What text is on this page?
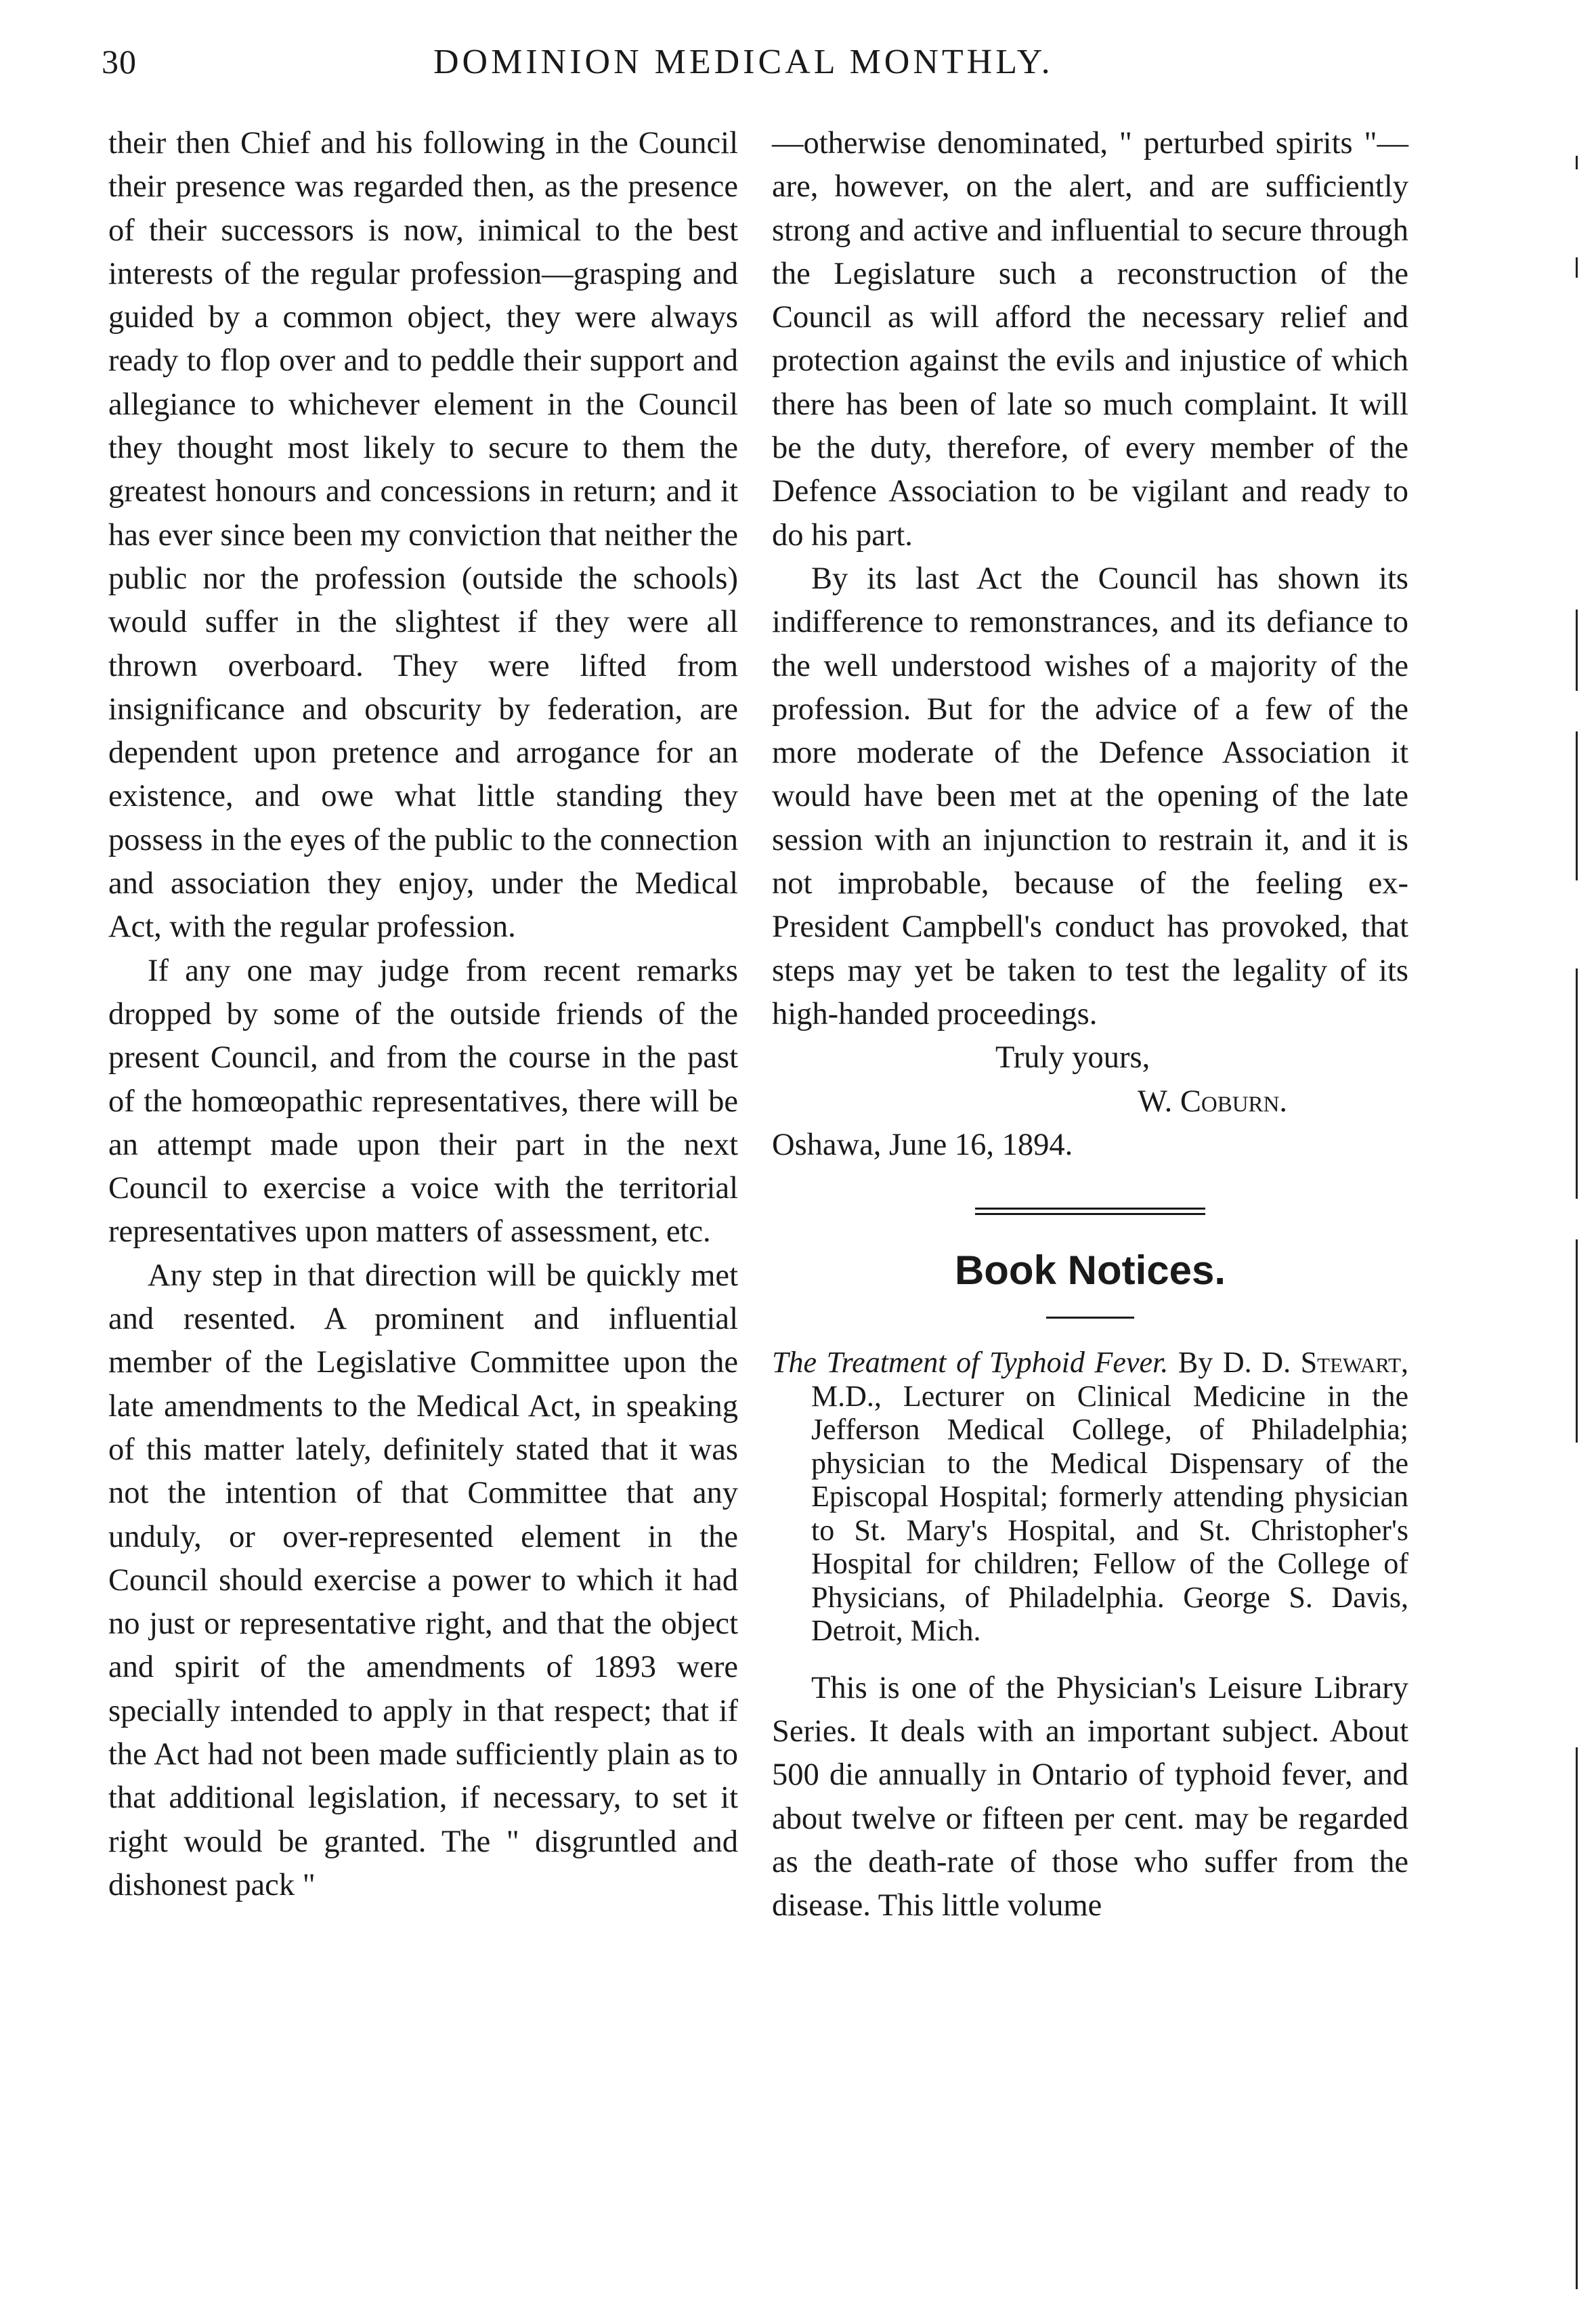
30	DOMINION MEDICAL MONTHLY.

their then Chief and his following in the Council their presence was regarded then, as the presence of their successors is now, inimical to the best interests of the regular profession—grasping and guided by a common object, they were always ready to flop over and to peddle their support and allegiance to whichever element in the Council they thought most likely to secure to them the greatest honours and concessions in return; and it has ever since been my conviction that neither the public nor the profession (outside the schools) would suffer in the slightest if they were all thrown overboard. They were lifted from insignificance and obscurity by federation, are dependent upon pretence and arrogance for an existence, and owe what little standing they possess in the eyes of the public to the connection and association they enjoy, under the Medical Act, with the regular profession.

If any one may judge from recent remarks dropped by some of the outside friends of the present Council, and from the course in the past of the homœopathic representatives, there will be an attempt made upon their part in the next Council to exercise a voice with the territorial representatives upon matters of assessment, etc.

Any step in that direction will be quickly met and resented. A prominent and influential member of the Legislative Committee upon the late amendments to the Medical Act, in speaking of this matter lately, definitely stated that it was not the intention of that Committee that any unduly, or over-represented element in the Council should exercise a power to which it had no just or representative right, and that the object and spirit of the amendments of 1893 were specially intended to apply in that respect; that if the Act had not been made sufficiently plain as to that additional legislation, if necessary, to set it right would be granted. The " disgruntled and dishonest pack "

—otherwise denominated, " perturbed spirits "—are, however, on the alert, and are sufficiently strong and active and influential to secure through the Legislature such a reconstruction of the Council as will afford the necessary relief and protection against the evils and injustice of which there has been of late so much complaint. It will be the duty, therefore, of every member of the Defence Association to be vigilant and ready to do his part.

By its last Act the Council has shown its indifference to remonstrances, and its defiance to the well understood wishes of a majority of the profession. But for the advice of a few of the more moderate of the Defence Association it would have been met at the opening of the late session with an injunction to restrain it, and it is not improbable, because of the feeling ex-President Campbell's conduct has provoked, that steps may yet be taken to test the legality of its high-handed proceedings.

Truly yours,

W. Coburn.

Oshawa, June 16, 1894.

Book Notices.

The Treatment of Typhoid Fever. By D. D. Stewart, M.D., Lecturer on Clinical Medicine in the Jefferson Medical College, of Philadelphia; physician to the Medical Dispensary of the Episcopal Hospital; formerly attending physician to St. Mary's Hospital, and St. Christopher's Hospital for children; Fellow of the College of Physicians, of Philadelphia. George S. Davis, Detroit, Mich.

This is one of the Physician's Leisure Library Series. It deals with an important subject. About 500 die annually in Ontario of typhoid fever, and about twelve or fifteen per cent. may be regarded as the death-rate of those who suffer from the disease. This little volume
